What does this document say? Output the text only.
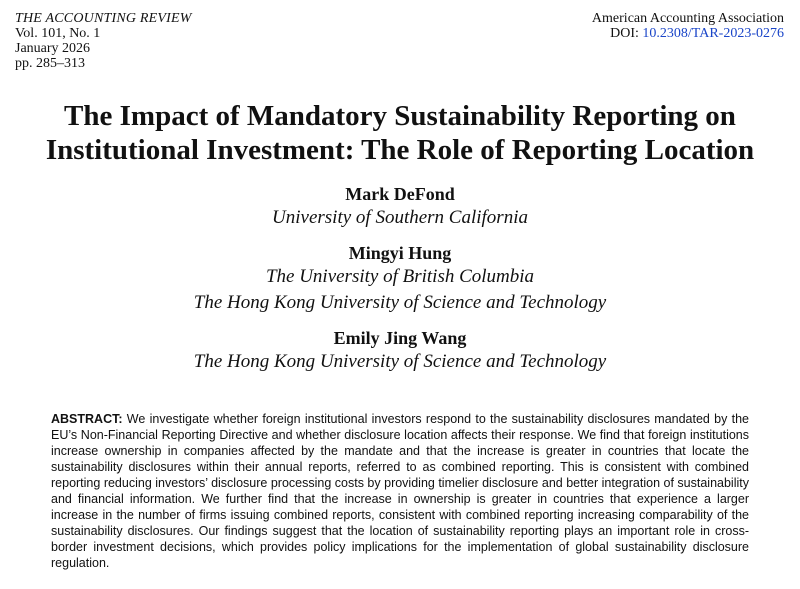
THE ACCOUNTING REVIEW
Vol. 101, No. 1
January 2026
pp. 285–313
American Accounting Association
DOI: 10.2308/TAR-2023-0276
The Impact of Mandatory Sustainability Reporting on
Institutional Investment: The Role of Reporting Location
Mark DeFond
University of Southern California
Mingyi Hung
The University of British Columbia
The Hong Kong University of Science and Technology
Emily Jing Wang
The Hong Kong University of Science and Technology
ABSTRACT: We investigate whether foreign institutional investors respond to the sustainability disclosures mandated by the EU’s Non-Financial Reporting Directive and whether disclosure location affects their response. We find that foreign institutions increase ownership in companies affected by the mandate and that the increase is greater in countries that locate the sustainability disclosures within their annual reports, referred to as combined reporting. This is consistent with combined reporting reducing investors’ disclosure processing costs by providing timelier disclosure and better integration of sustainability and financial information. We further find that the increase in ownership is greater in countries that experience a larger increase in the number of firms issuing combined reports, consistent with combined reporting increasing comparability of the sustainability disclosures. Our findings suggest that the location of sustainability reporting plays an important role in cross-border investment decisions, which provides policy implications for the implementation of global sustainability disclosure regulation.
